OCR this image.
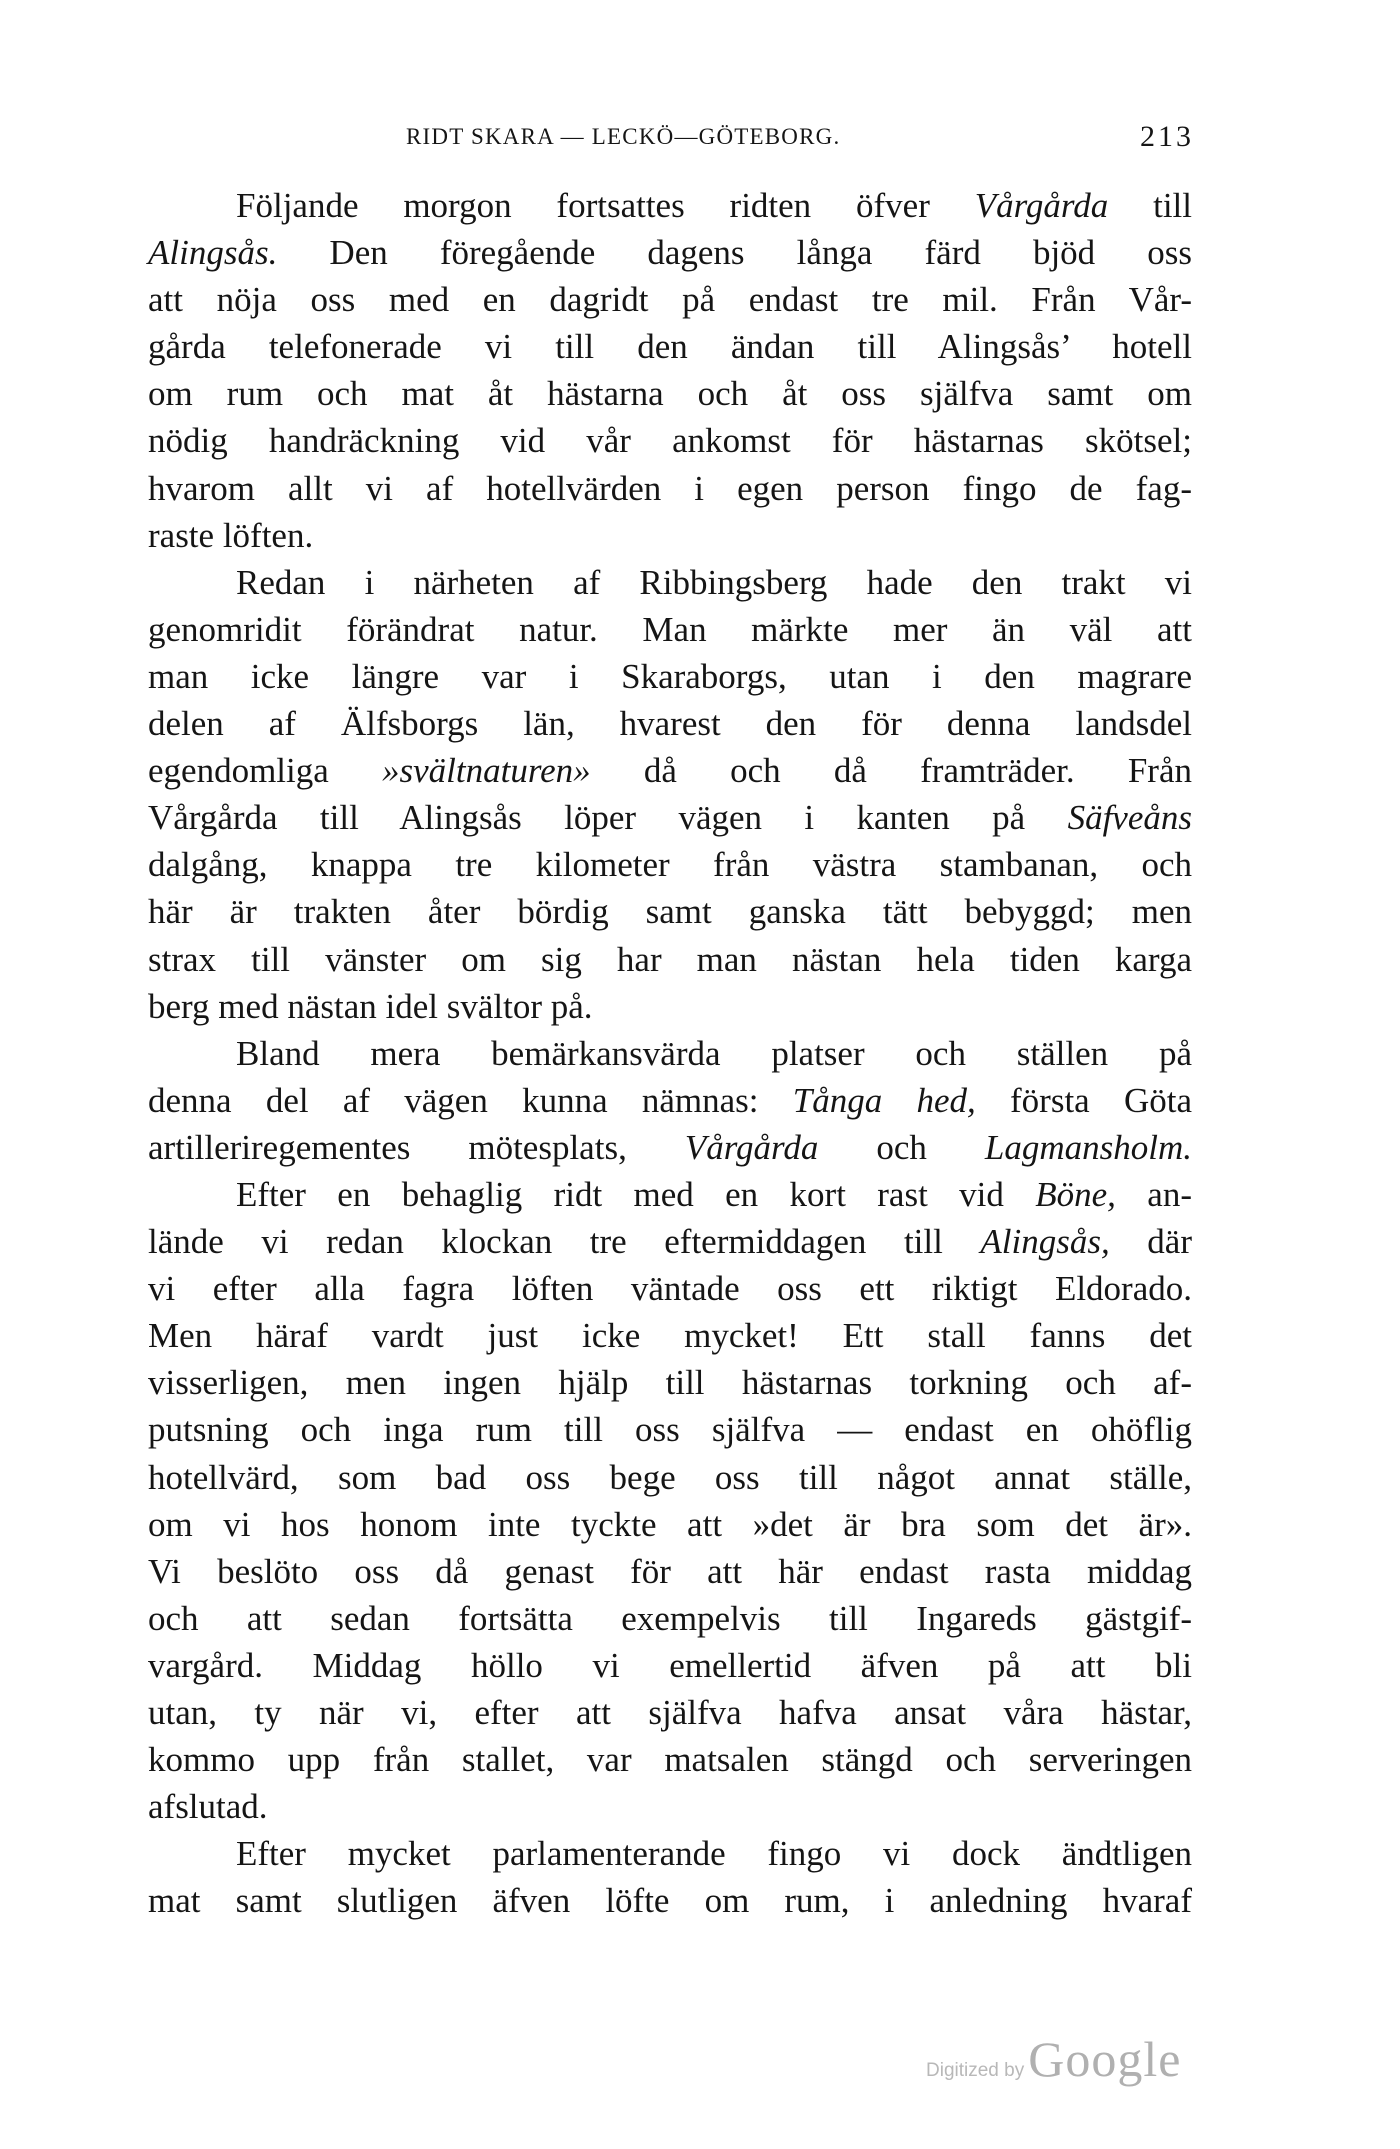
RIDT SKARA — LECKÖ—GÖTEBORG.	213
Följande morgon fortsattes ridten öfver Vårgårda till
Alingsås. Den föregående dagens långa färd bjöd oss
att nöja oss med en dagridt på endast tre mil. Från Vår-
gårda telefonerade vi till den ändan till Alingsås’ hotell
om rum och mat åt hästarna och åt oss själfva samt om
nödig handräckning vid vår ankomst för hästarnas skötsel;
hvarom allt vi af hotellvärden i egen person fingo de fag-
raste löften.
Redan i närheten af Ribbingsberg hade den trakt vi
genomridit förändrat natur. Man märkte mer än väl att
man icke längre var i Skaraborgs, utan i den magrare
delen af Älfsborgs län, hvarest den för denna landsdel
egendomliga »svältnaturen» då och då framträder. Från
Vårgårda till Alingsås löper vägen i kanten på Säfveåns
dalgång, knappa tre kilometer från västra stambanan, och
här är trakten åter bördig samt ganska tätt bebyggd; men
strax till vänster om sig har man nästan hela tiden karga
berg med nästan idel svältor på.
Bland mera bemärkansvärda platser och ställen på
denna del af vägen kunna nämnas: Tånga hed, första Göta
artilleriregementes mötesplats, Vårgårda och Lagmansholm.
Efter en behaglig ridt med en kort rast vid Böne, an-
lände vi redan klockan tre eftermiddagen till Alingsås, där
vi efter alla fagra löften väntade oss ett riktigt Eldorado.
Men häraf vardt just icke mycket! Ett stall fanns det
visserligen, men ingen hjälp till hästarnas torkning och af-
putsning och inga rum till oss själfva — endast en ohöflig
hotellvärd, som bad oss bege oss till något annat ställe,
om vi hos honom inte tyckte att »det är bra som det är».
Vi beslöto oss då genast för att här endast rasta middag
och att sedan fortsätta exempelvis till Ingareds gästgif-
vargård. Middag höllo vi emellertid äfven på att bli
utan, ty när vi, efter att själfva hafva ansat våra hästar,
kommo upp från stallet, var matsalen stängd och serveringen
afslutad.
Efter mycket parlamenterande fingo vi dock ändtligen
mat samt slutligen äfven löfte om rum, i anledning hvaraf
Digitized by Google
